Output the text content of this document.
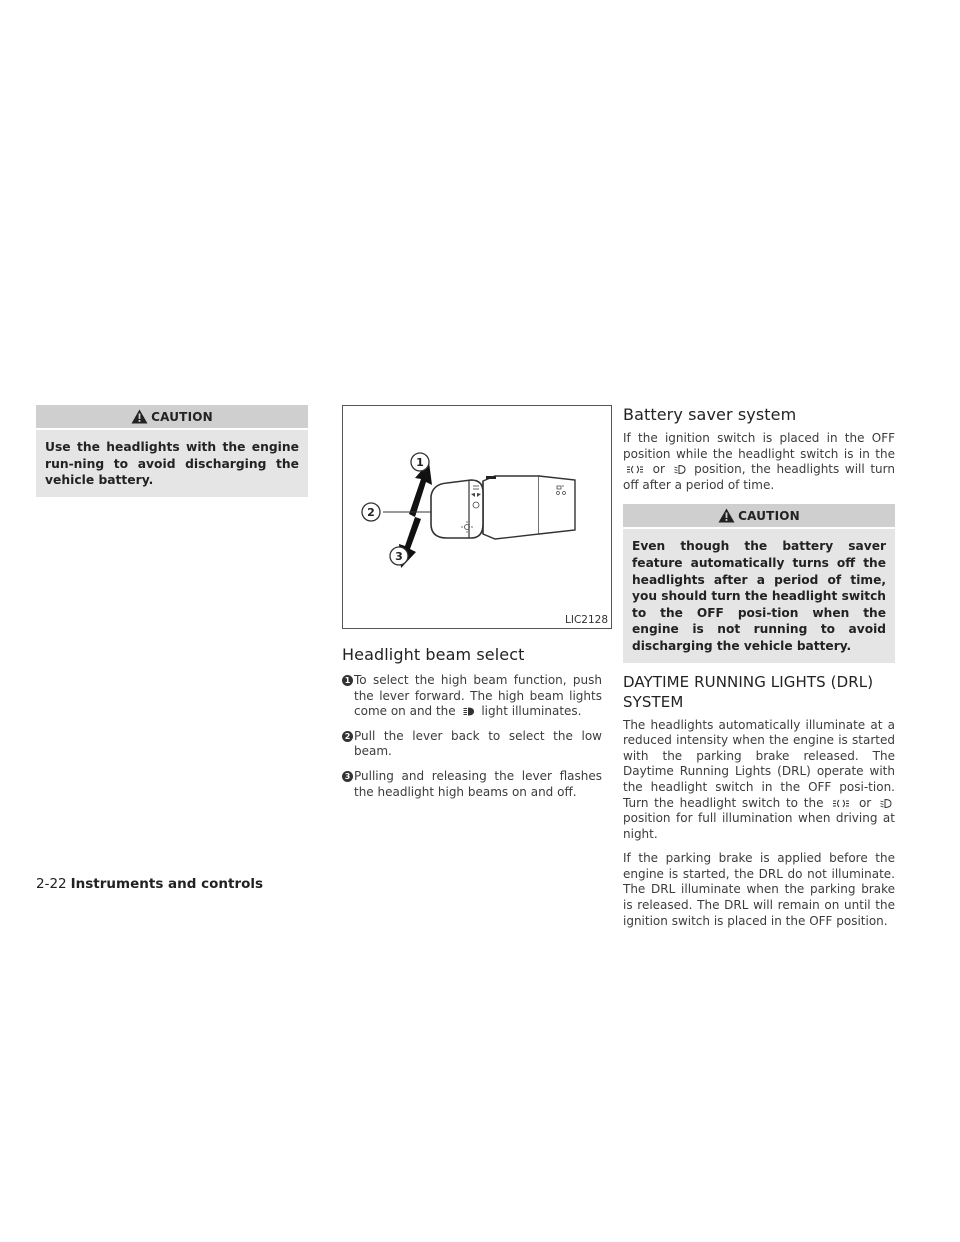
CAUTION
Use the headlights with the engine run-ning to avoid discharging the vehicle battery.
1
2
3
LIC2128
Headlight beam select
1 To select the high beam function, push the lever forward. The high beam lights come on and the light illuminates.

2 Pull the lever back to select the low beam.

3 Pulling and releasing the lever flashes the headlight high beams on and off.

Battery saver system

If the ignition switch is placed in the OFF position while the headlight switch is in the  or position, the headlights will turn off after a period of time.

CAUTION
Even though the battery saver feature automatically turns off the headlights after a period of time, you should turn the headlight switch to the OFF posi-tion when the engine is not running to avoid discharging the vehicle battery.
DAYTIME RUNNING LIGHTS (DRL) SYSTEM

The headlights automatically illuminate at a reduced intensity when the engine is started with the parking brake released. The Daytime Running Lights (DRL) operate with the headlight switch in the OFF posi-tion. Turn the headlight switch to the	or  position for full illumination when driving at night.

If the parking brake is applied before the engine is started, the DRL do not illuminate. The DRL illuminate when the parking brake is released. The DRL will remain on until the ignition switch is placed in the OFF position.

2-22 Instruments and controls
